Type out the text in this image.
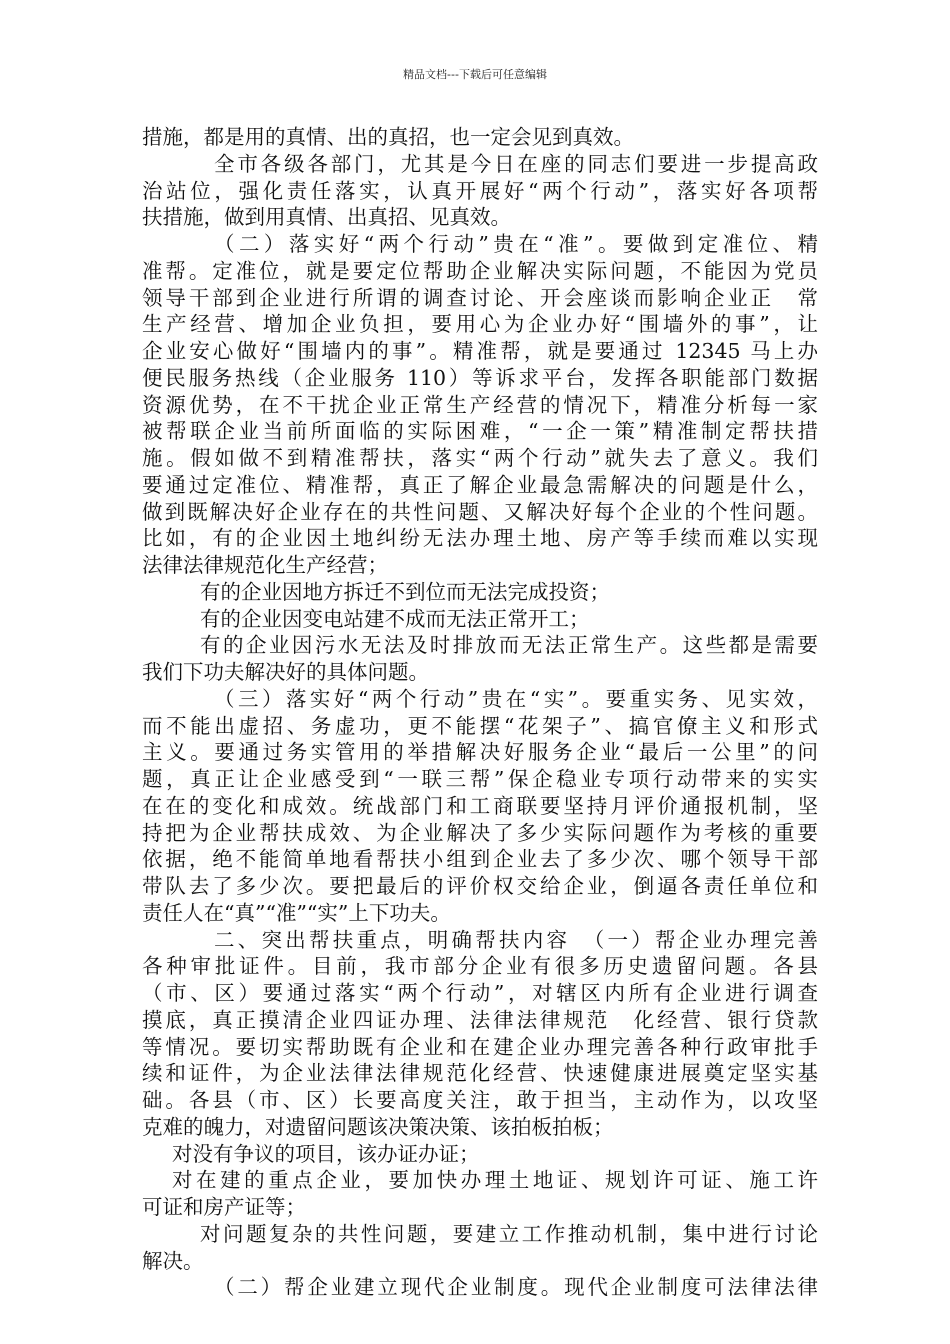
精品文档---下载后可任意编辑
措施，都是用的真情、出的真招，也一定会见到真效。
全市各级各部门，尤其是今日在座的同志们要进一步提高政
治站位，强化责任落实，认真开展好“两个行动”，落实好各项帮
扶措施，做到用真情、出真招、见真效。
（二）落实好“两个行动”贵在“准”。要做到定准位、精
准帮。定准位，就是要定位帮助企业解决实际问题，不能因为党员
领导干部到企业进行所谓的调查讨论、开会座谈而影响企业正　常
生产经营、增加企业负担，要用心为企业办好“围墙外的事”，让
企业安心做好“围墙内的事”。精准帮，就是要通过 12345 马上办
便民服务热线（企业服务 110）等诉求平台，发挥各职能部门数据
资源优势，在不干扰企业正常生产经营的情况下，精准分析每一家
被帮联企业当前所面临的实际困难，“一企一策”精准制定帮扶措
施。假如做不到精准帮扶，落实“两个行动”就失去了意义。我们
要通过定准位、精准帮，真正了解企业最急需解决的问题是什么，
做到既解决好企业存在的共性问题、又解决好每个企业的个性问题。
比如，有的企业因土地纠纷无法办理土地、房产等手续而难以实现
法律法律规范化生产经营；
有的企业因地方拆迁不到位而无法完成投资；
有的企业因变电站建不成而无法正常开工；
有的企业因污水无法及时排放而无法正常生产。这些都是需要
我们下功夫解决好的具体问题。
（三）落实好“两个行动”贵在“实”。要重实务、见实效，
而不能出虚招、务虚功，更不能摆“花架子”、搞官僚主义和形式
主义。要通过务实管用的举措解决好服务企业“最后一公里”的问
题，真正让企业感受到“一联三帮”保企稳业专项行动带来的实实
在在的变化和成效。统战部门和工商联要坚持月评价通报机制，坚
持把为企业帮扶成效、为企业解决了多少实际问题作为考核的重要
依据，绝不能简单地看帮扶小组到企业去了多少次、哪个领导干部
带队去了多少次。要把最后的评价权交给企业，倒逼各责任单位和
责任人在“真”“准”“实”上下功夫。
二、突出帮扶重点，明确帮扶内容　（一）帮企业办理完善
各种审批证件。目前，我市部分企业有很多历史遗留问题。各县
（市、区）要通过落实“两个行动”，对辖区内所有企业进行调查
摸底，真正摸清企业四证办理、法律法律规范　化经营、银行贷款
等情况。要切实帮助既有企业和在建企业办理完善各种行政审批手
续和证件，为企业法律法律规范化经营、快速健康进展奠定坚实基
础。各县（市、区）长要高度关注，敢于担当，主动作为，以攻坚
克难的魄力，对遗留问题该决策决策、该拍板拍板；
对没有争议的项目，该办证办证；
对在建的重点企业，要加快办理土地证、规划许可证、施工许
可证和房产证等；
对问题复杂的共性问题，要建立工作推动机制，集中进行讨论
解决。
（二）帮企业建立现代企业制度。现代企业制度可法律法律
